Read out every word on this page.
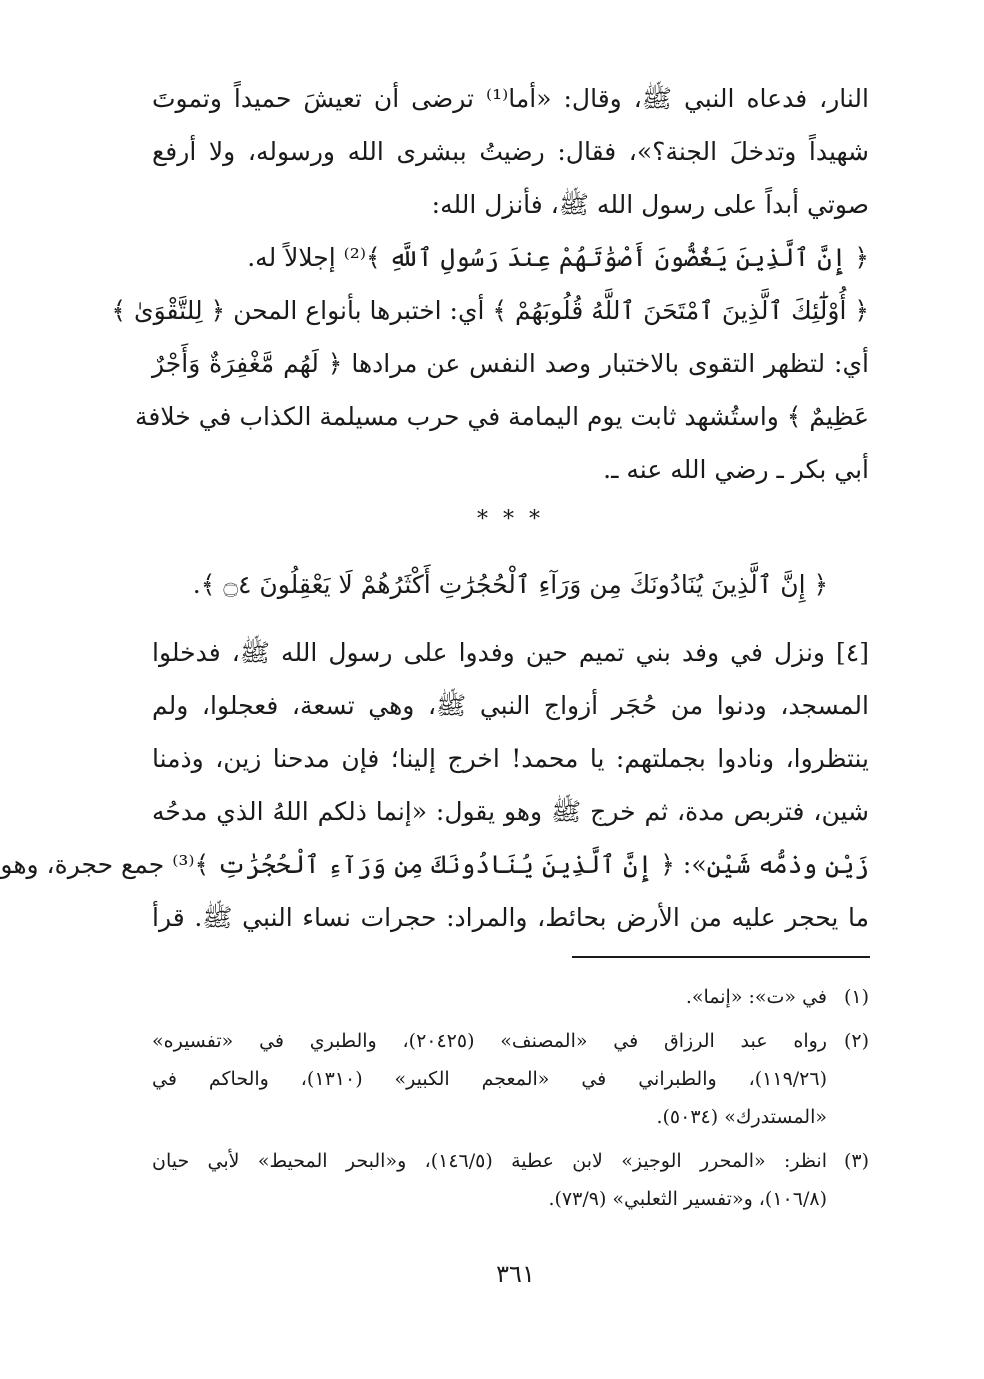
النار، فدعاه النبي ﷺ، وقال: «أما⁽¹⁾ ترضى أن تعيشَ حميداً وتموتَ
شهيداً وتدخلَ الجنة؟»، فقال: رضيتُ ببشرى الله ورسوله، ولا أرفع
صوتي أبداً على رسول الله ﷺ، فأنزل الله:
﴿ إِنَّ ٱلَّذِينَ يَغُضُّونَ أَصْوَٰتَهُمْ عِندَ رَسُولِ ٱللَّهِ ﴾⁽²⁾ إجلالاً له.
﴿ أُوْلَٰٓئِكَ ٱلَّذِينَ ٱمْتَحَنَ ٱللَّهُ قُلُوبَهُمْ ﴾ أي: اختبرها بأنواع المحن ﴿ لِلتَّقْوَىٰ ﴾
أي: لتظهر التقوى بالاختبار وصد النفس عن مرادها ﴿ لَهُم مَّغْفِرَةٌ وَأَجْرٌ
عَظِيمٌ ﴾ واستُشهد ثابت يوم اليمامة في حرب مسيلمة الكذاب في خلافة
أبي بكر ـ رضي الله عنه ـ.
* * *
﴿ إِنَّ ٱلَّذِينَ يُنَادُونَكَ مِن وَرَآءِ ٱلْحُجُرَٰتِ أَكْثَرُهُمْ لَا يَعْقِلُونَ ۝٤ ﴾.
[٤] ونزل في وفد بني تميم حين وفدوا على رسول الله ﷺ، فدخلوا
المسجد، ودنوا من حُجَر أزواج النبي ﷺ، وهي تسعة، فعجلوا، ولم
ينتظروا، ونادوا بجملتهم: يا محمد! اخرج إلينا؛ فإن مدحنا زين، وذمنا
شين، فتربص مدة، ثم خرج ﷺ وهو يقول: «إنما ذلكم اللهُ الذي مدحُه
زَيْن وذمُّه شَيْن»: ﴿ إِنَّ ٱلَّذِينَ يُنَادُونَكَ مِن وَرَآءِ ٱلْحُجُرَٰتِ ﴾⁽³⁾ جمع حجرة، وهو
ما يحجر عليه من الأرض بحائط، والمراد: حجرات نساء النبي ﷺ. قرأ
(١)
في «ت»: «إنما».
(٢)
رواه عبد الرزاق في «المصنف» (٢٠٤٢٥)، والطبري في «تفسيره»
(١١٩/٢٦)، والطبراني في «المعجم الكبير» (١٣١٠)، والحاكم في
«المستدرك» (٥٠٣٤).
(٣)
انظر: «المحرر الوجيز» لابن عطية (١٤٦/٥)، و«البحر المحيط» لأبي حيان
(١٠٦/٨)، و«تفسير الثعلبي» (٧٣/٩).
٣٦١
